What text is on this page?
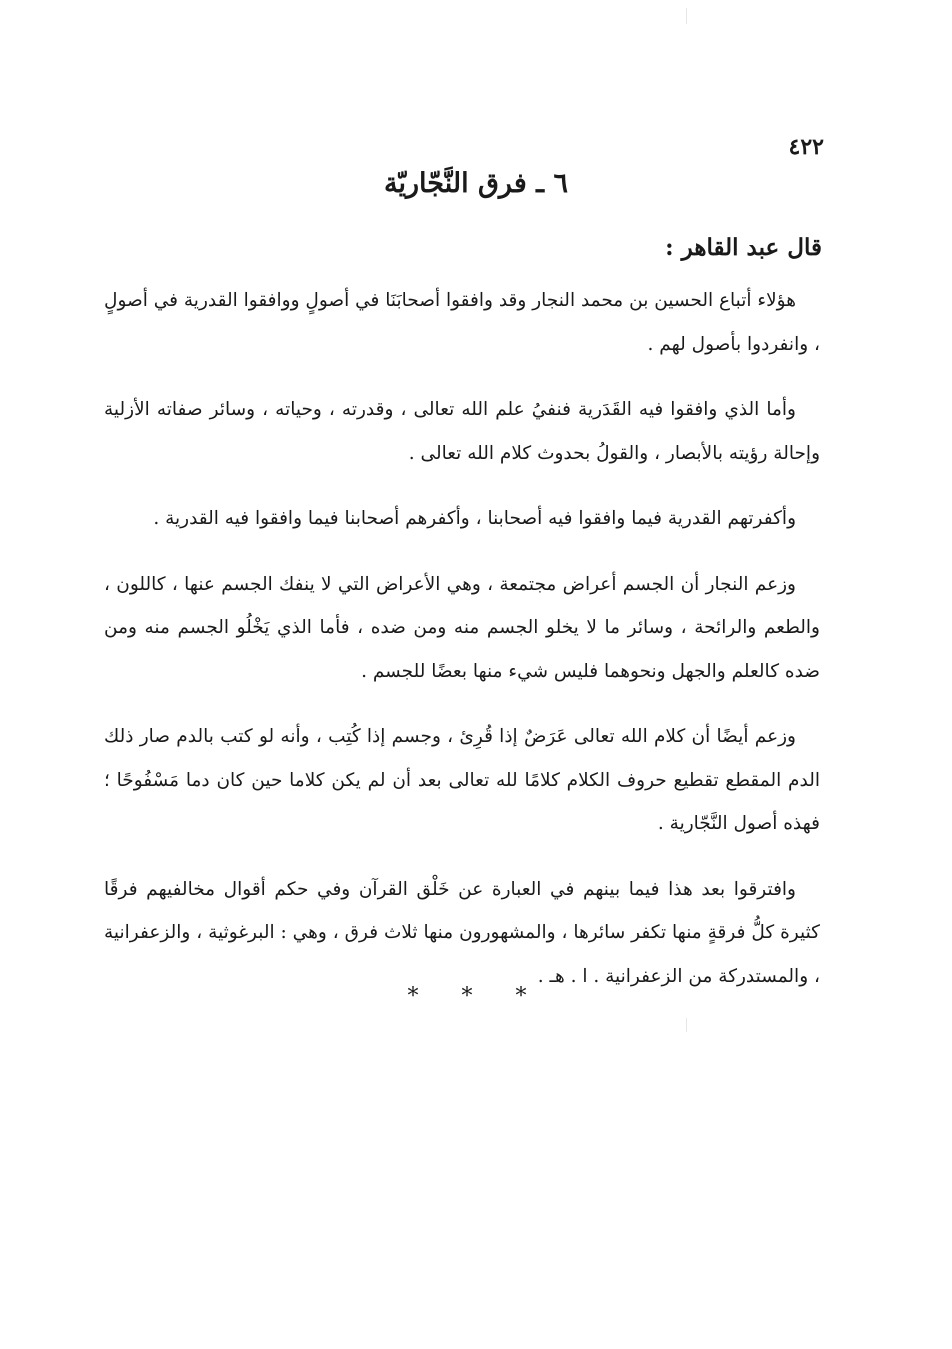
٤٢٢
٦ ـ فرق النَّجّاريّة
قال عبد القاهر :

هؤلاء أتباع الحسين بن محمد النجار وقد وافقوا أصحابَنَا في أصولٍ ووافقوا القدرية في أصولٍ ، وانفردوا بأصول لهم .

وأما الذي وافقوا فيه القَدَرية فنفيُ علم الله تعالى ، وقدرته ، وحياته ، وسائر صفاته الأزلية وإحالة رؤيته بالأبصار ، والقولُ بحدوث كلام الله تعالى .

وأكفرتهم القدرية فيما وافقوا فيه أصحابنا ، وأكفرهم أصحابنا فيما وافقوا فيه القدرية .

وزعم النجار أن الجسم أعراض مجتمعة ، وهي الأعراض التي لا ينفك الجسم عنها ، كاللون ، والطعم والرائحة ، وسائر ما لا يخلو الجسم منه ومن ضده ، فأما الذي يَخْلُو الجسم منه ومن ضده كالعلم والجهل ونحوهما فليس شيء منها بعضًا للجسم .

وزعم أيضًا أن كلام الله تعالى عَرَضٌ إذا قُرِئ ، وجسم إذا كُتِب ، وأنه لو كتب بالدم صار ذلك الدم المقطع تقطيع حروف الكلام كلامًا لله تعالى بعد أن لم يكن كلاما حين كان دما مَسْفُوحًا ؛ فهذه أصول النَّجّارية .

وافترقوا بعد هذا فيما بينهم في العبارة عن خَلْق القرآن وفي حكم أقوال مخالفيهم فرقًا كثيرة كلُّ فرقةٍ منها تكفر سائرها ، والمشهورون منها ثلاث فرق ، وهي : البرغوثية ، والزعفرانية ، والمستدركة من الزعفرانية . ا . هـ .

* * *
